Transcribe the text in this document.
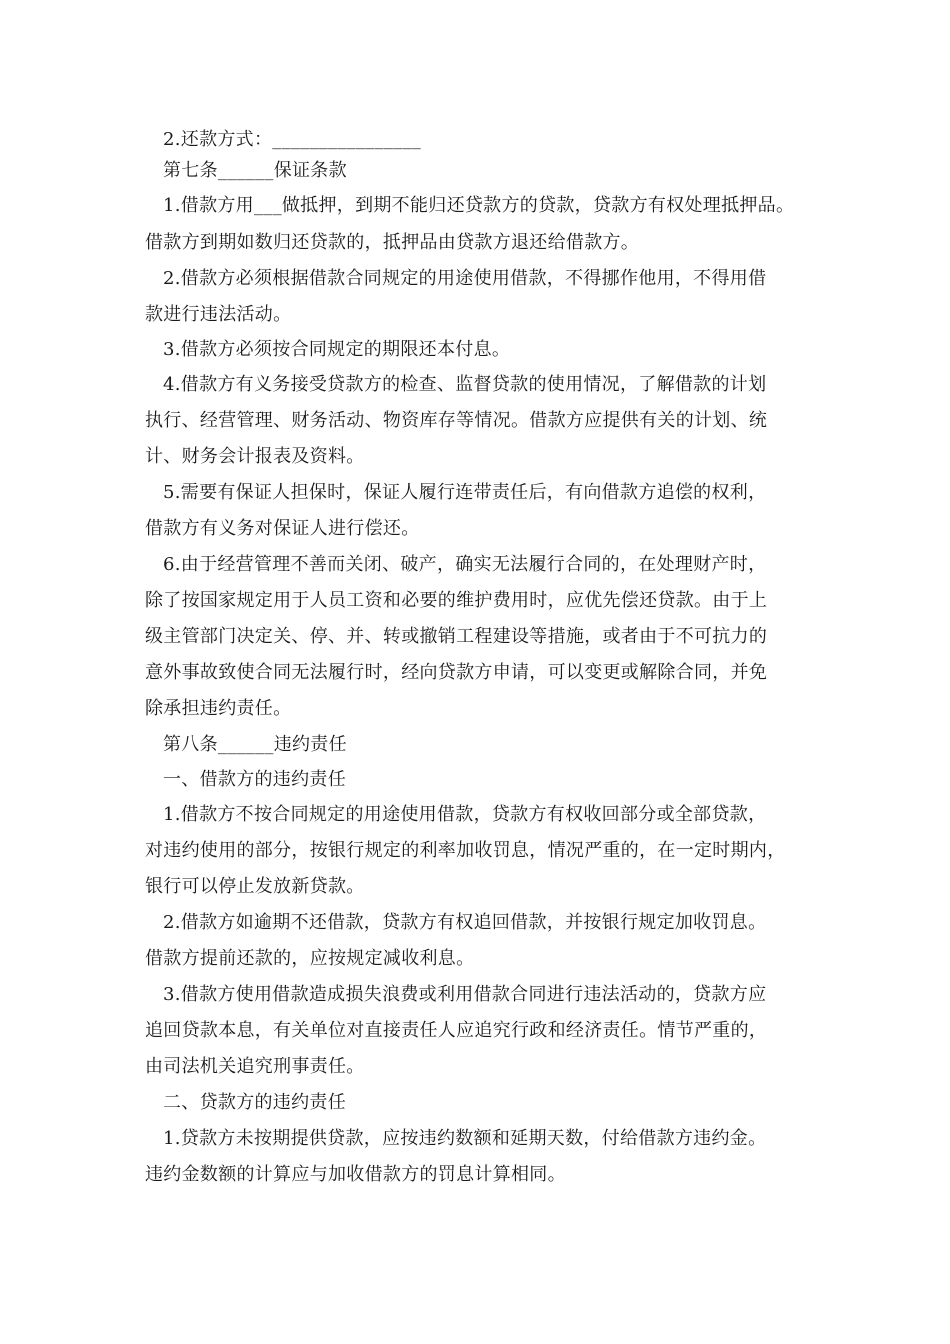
2.还款方式：________________
第七条______保证条款
1.借款方用___做抵押，到期不能归还贷款方的贷款，贷款方有权处理抵押品。
借款方到期如数归还贷款的，抵押品由贷款方退还给借款方。
2.借款方必须根据借款合同规定的用途使用借款，不得挪作他用，不得用借
款进行违法活动。
3.借款方必须按合同规定的期限还本付息。
4.借款方有义务接受贷款方的检查、监督贷款的使用情况，了解借款的计划
执行、经营管理、财务活动、物资库存等情况。借款方应提供有关的计划、统
计、财务会计报表及资料。
5.需要有保证人担保时，保证人履行连带责任后，有向借款方追偿的权利，
借款方有义务对保证人进行偿还。
6.由于经营管理不善而关闭、破产，确实无法履行合同的，在处理财产时，
除了按国家规定用于人员工资和必要的维护费用时，应优先偿还贷款。由于上
级主管部门决定关、停、并、转或撤销工程建设等措施，或者由于不可抗力的
意外事故致使合同无法履行时，经向贷款方申请，可以变更或解除合同，并免
除承担违约责任。
第八条______违约责任
一、借款方的违约责任
1.借款方不按合同规定的用途使用借款，贷款方有权收回部分或全部贷款，
对违约使用的部分，按银行规定的利率加收罚息，情况严重的，在一定时期内，
银行可以停止发放新贷款。
2.借款方如逾期不还借款，贷款方有权追回借款，并按银行规定加收罚息。
借款方提前还款的，应按规定减收利息。
3.借款方使用借款造成损失浪费或利用借款合同进行违法活动的，贷款方应
追回贷款本息，有关单位对直接责任人应追究行政和经济责任。情节严重的，
由司法机关追究刑事责任。
二、贷款方的违约责任
1.贷款方未按期提供贷款，应按违约数额和延期天数，付给借款方违约金。
违约金数额的计算应与加收借款方的罚息计算相同。
